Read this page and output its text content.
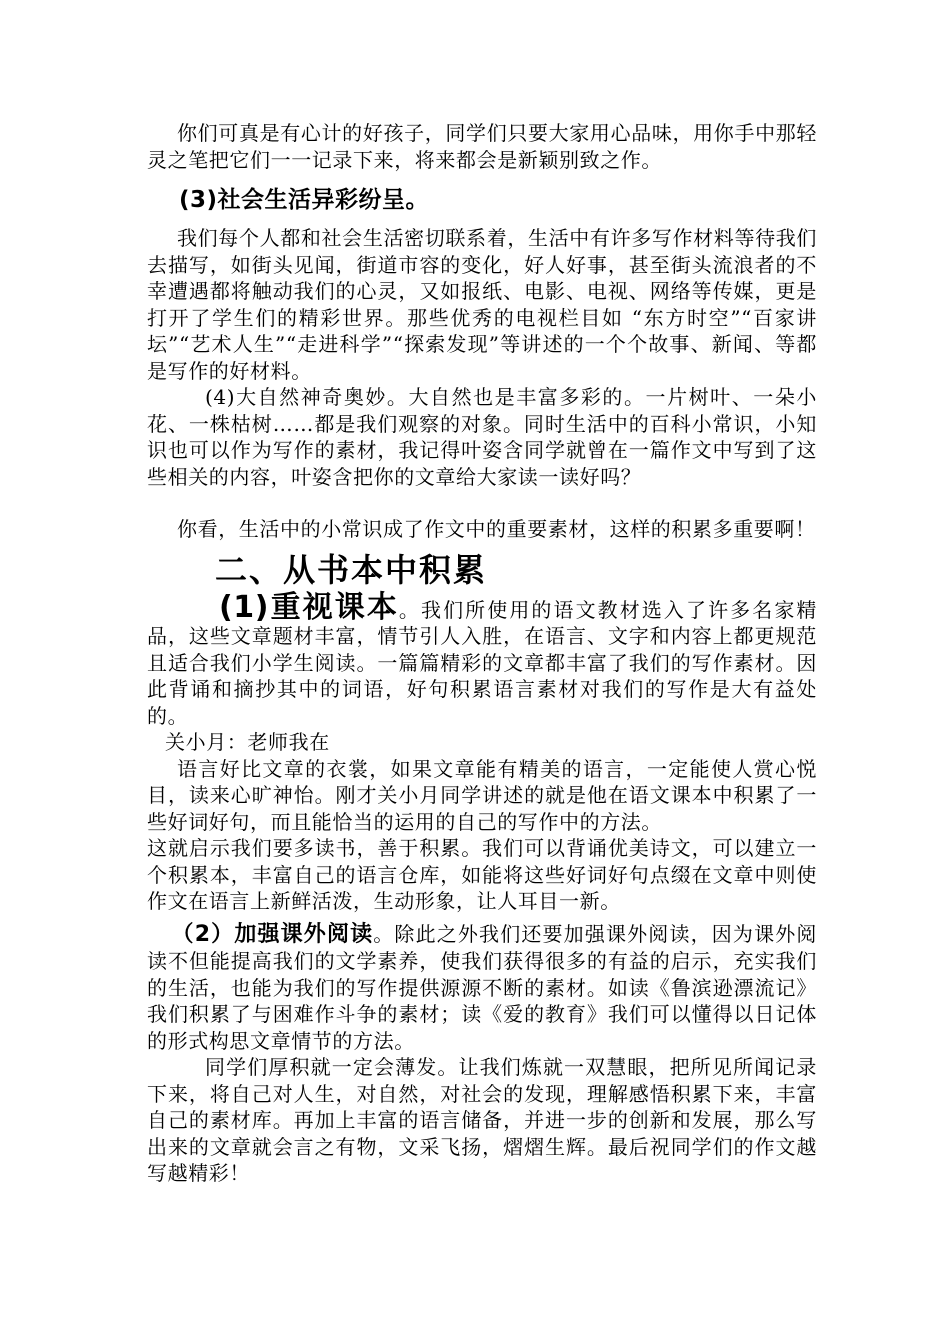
你们可真是有心计的好孩子，同学们只要大家用心品味，用你手中那轻灵之笔把它们一一记录下来，将来都会是新颖别致之作。

(3)社会生活异彩纷呈。

我们每个人都和社会生活密切联系着，生活中有许多写作材料等待我们去描写，如街头见闻，街道市容的变化，好人好事，甚至街头流浪者的不幸遭遇都将触动我们的心灵，又如报纸、电影、电视、网络等传媒，更是打开了学生们的精彩世界。那些优秀的电视栏目如 “东方时空”“百家讲坛”“艺术人生”“走进科学”“探索发现”等讲述的一个个故事、新闻、等都是写作的好材料。

(4)大自然神奇奥妙。大自然也是丰富多彩的。一片树叶、一朵小花、一株枯树……都是我们观察的对象。同时生活中的百科小常识，小知识也可以作为写作的素材，我记得叶姿含同学就曾在一篇作文中写到了这些相关的内容，叶姿含把你的文章给大家读一读好吗？

你看，生活中的小常识成了作文中的重要素材，这样的积累多重要啊！

二、从书本中积累

(1)重视课本。我们所使用的语文教材选入了许多名家精品，这些文章题材丰富，情节引人入胜，在语言、文字和内容上都更规范且适合我们小学生阅读。一篇篇精彩的文章都丰富了我们的写作素材。因此背诵和摘抄其中的词语，好句积累语言素材对我们的写作是大有益处的。

关小月：老师我在

语言好比文章的衣裳，如果文章能有精美的语言，一定能使人赏心悦目，读来心旷神怡。刚才关小月同学讲述的就是他在语文课本中积累了一些好词好句，而且能恰当的运用的自己的写作中的方法。

这就启示我们要多读书，善于积累。我们可以背诵优美诗文，可以建立一个积累本，丰富自己的语言仓库，如能将这些好词好句点缀在文章中则使作文在语言上新鲜活泼，生动形象，让人耳目一新。

（2）加强课外阅读。除此之外我们还要加强课外阅读，因为课外阅读不但能提高我们的文学素养，使我们获得很多的有益的启示，充实我们的生活，也能为我们的写作提供源源不断的素材。如读《鲁滨逊漂流记》我们积累了与困难作斗争的素材；读《爱的教育》我们可以懂得以日记体的形式构思文章情节的方法。

同学们厚积就一定会薄发。让我们炼就一双慧眼，把所见所闻记录下来，将自己对人生，对自然，对社会的发现，理解感悟积累下来，丰富自己的素材库。再加上丰富的语言储备，并进一步的创新和发展，那么写出来的文章就会言之有物，文采飞扬，熠熠生辉。最后祝同学们的作文越写越精彩！
